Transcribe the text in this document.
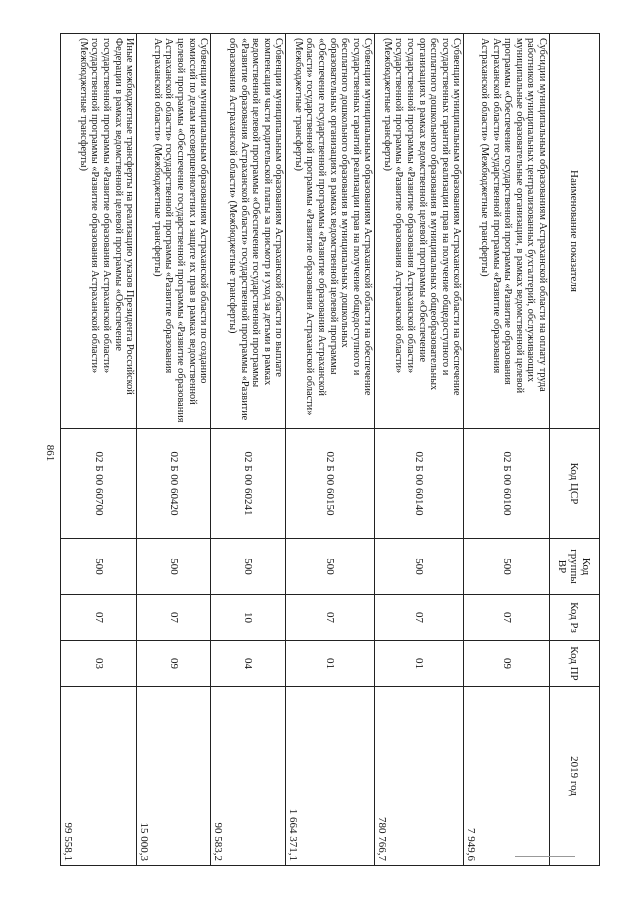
861
Наименование показателя	Код ЦСР	Код группы ВР	Код Рз	Код ПР	2019 год
Субсидии муниципальным образованиям Астраханской области на оплату труда работников муниципальных централизованных бухгалтерий, обслуживающих муниципальные образовательные организации, в рамках ведомственной целевой программы «Обеспечение государственной программы «Развитие образования Астраханской области» государственной программы «Развитие образования Астраханской области» (Межбюджетные трансферты)	02 Б 00 60100	500	07	09	7 949,6
Субвенции муниципальным образованиям Астраханской области на обеспечение государственных гарантий реализации прав на получение общедоступного и бесплатного дошкольного образования в муниципальных общеобразовательных организациях в рамках ведомственной целевой программы «Обеспечение государственной программы «Развитие образования Астраханской области» государственной программы «Развитие образования Астраханской области» (Межбюджетные трансферты)	02 Б 00 60140	500	07	01	780 766,7
Субвенции муниципальным образованиям Астраханской области на обеспечение государственных гарантий реализации прав на получение общедоступного и бесплатного дошкольного образования в муниципальных дошкольных образовательных организациях в рамках ведомственной целевой программы «Обеспечение государственной программы «Развитие образования Астраханской области» государственной программы «Развитие образования Астраханской области» (Межбюджетные трансферты)	02 Б 00 60150	500	07	01	1 664 371,1
Субвенции муниципальным образованиям Астраханской области по выплате компенсации части родительской платы за присмотр и уход за детьми в рамках ведомственной целевой программы «Обеспечение государственной программы «Развитие образования Астраханской области» государственной программы «Развитие образования Астраханской области» (Межбюджетные трансферты)	02 Б 00 60241	500	10	04	90 583,2
Субвенции муниципальным образованиям Астраханской области по созданию комиссий по делам несовершеннолетних и защите их прав в рамках ведомственной целевой программы «Обеспечение государственной программы «Развитие образования Астраханской области» государственной программы «Развитие образования Астраханской области» (Межбюджетные трансферты)	02 Б 00 60420	500	07	09	15 000,3
Иные межбюджетные трансферты на реализацию указов Президента Российской Федерации в рамках ведомственной целевой программы «Обеспечение государственной программы «Развитие образования Астраханской области» государственной программы «Развитие образования Астраханской области» (Межбюджетные трансферты)	02 Б 00 60700	500	07	03	99 558,1
